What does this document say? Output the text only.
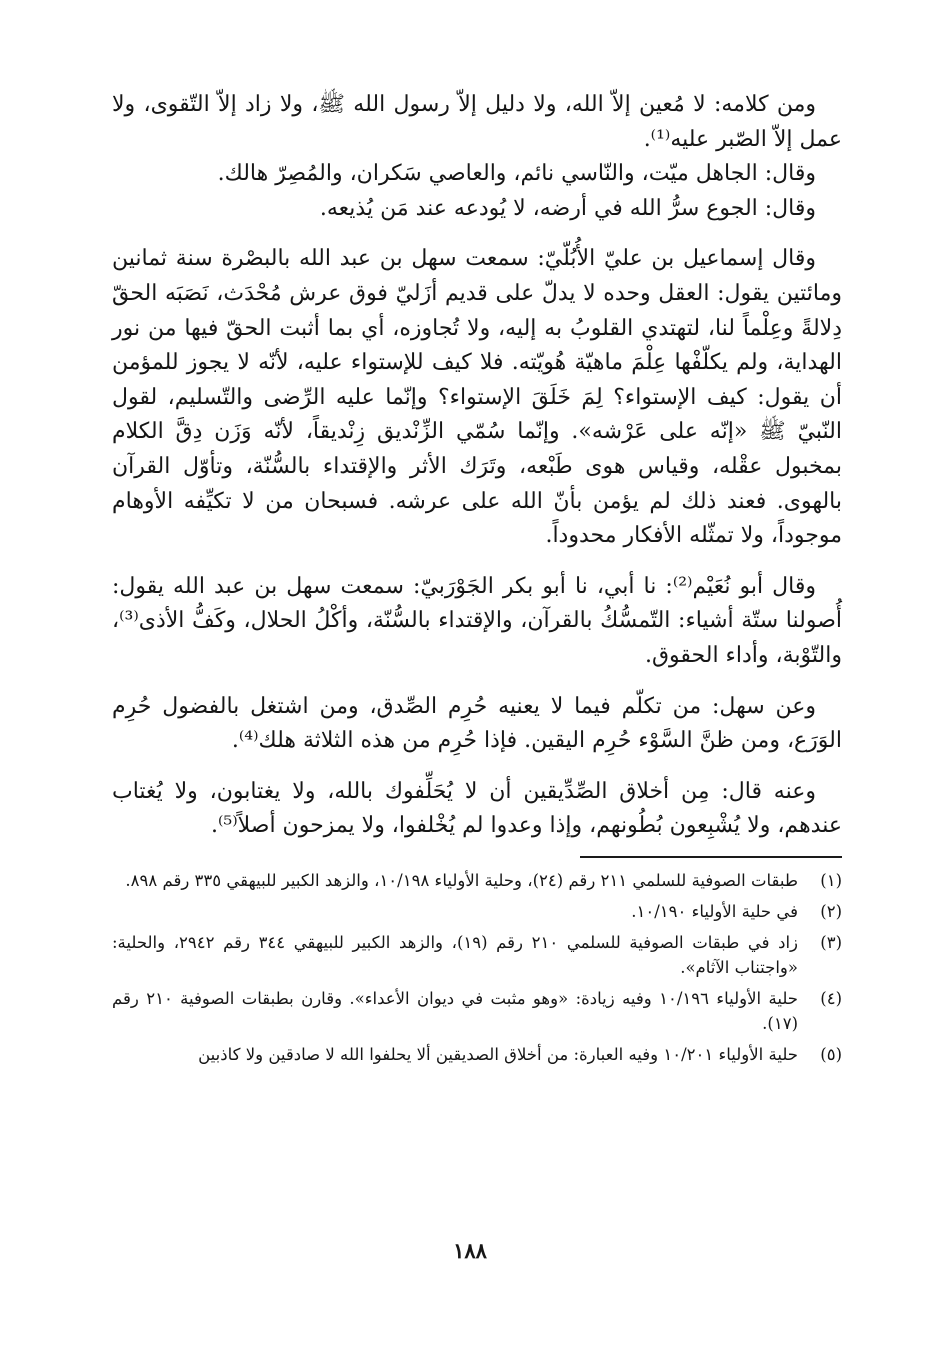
ومن كلامه: لا مُعين إلاّ الله، ولا دليل إلاّ رسول الله ﷺ، ولا زاد إلاّ التّقوى، ولا عمل إلاّ الصّبر عليه⁽¹⁾.

وقال: الجاهل ميّت، والنّاسي نائم، والعاصي سَكران، والمُصِرّ هالك.

وقال: الجوع سرُّ الله في أرضه، لا يُودعه عند مَن يُذيعه.

وقال إسماعيل بن عليّ الأُبُلّيّ: سمعت سهل بن عبد الله بالبصْرة سنة ثمانين ومائتين يقول: العقل وحده لا يدلّ على قديم أزَليّ فوق عرش مُحْدَث، نَصَبَه الحقّ دِلالةً وعِلْماً لنا، لتهتدي القلوبُ به إليه، ولا تُجاوزه، أي بما أثبت الحقّ فيها من نور الهداية، ولم يكلّفْها عِلْمَ ماهيّة هُويّته. فلا كيف للإستواء عليه، لأنّه لا يجوز للمؤمن أن يقول: كيف الإستواء؟ لِمَ خَلَقَ الإستواء؟ وإنّما عليه الرِّضى والتّسليم، لقول النّبيّ ﷺ «إنّه على عَرْشه». وإنّما سُمّي الزِّنْديق زِنْديقاً، لأنّه وَزَن دِقَّ الكلام بمخبول عقْله، وقياس هوى طَبْعه، وتَرَك الأثر والإقتداء بالسُّنّة، وتأوّل القرآن بالهوى. فعند ذلك لم يؤمن بأنّ الله على عرشه. فسبحان من لا تكيِّفه الأوهام موجوداً، ولا تمثّله الأفكار محدوداً.

وقال أبو نُعَيْم⁽²⁾: نا أبي، نا أبو بكر الجَوْرَبيّ: سمعت سهل بن عبد الله يقول: أُصولنا ستّة أشياء: التّمسُّكُ بالقرآن، والإقتداء بالسُّنّة، وأكْلُ الحلال، وكَفُّ الأذى⁽³⁾، والتّوْبة، وأداء الحقوق.

وعن سهل: من تكلّم فيما لا يعنيه حُرِم الصِّدق، ومن اشتغل بالفضول حُرِم الوَرَع، ومن ظنَّ السَّوْء حُرِم اليقين. فإذا حُرِم من هذه الثلاثة هلك⁽⁴⁾.

وعنه قال: مِن أخلاق الصِّدِّيقين أن لا يُحَلِّفوك بالله، ولا يغتابون، ولا يُغتاب عندهم، ولا يُشْبِعون بُطُونهم، وإذا وعدوا لم يُخْلفوا، ولا يمزحون أصلاً⁽⁵⁾.

(١)
طبقات الصوفية للسلمي ٢١١ رقم (٢٤)، وحلية الأولياء ١٠/١٩٨، والزهد الكبير للبيهقي ٣٣٥ رقم ٨٩٨.
(٢)
في حلية الأولياء ١٠/١٩٠.
(٣)
زاد في طبقات الصوفية للسلمي ٢١٠ رقم (١٩)، والزهد الكبير للبيهقي ٣٤٤ رقم ٢٩٤٢، والحلية: «واجتناب الآثام».
(٤)
حلية الأولياء ١٠/١٩٦ وفيه زيادة: «وهو مثبت في ديوان الأعداء». وقارن بطبقات الصوفية ٢١٠ رقم (١٧).
(٥)
حلية الأولياء ١٠/٢٠١ وفيه العبارة: من أخلاق الصديقين ألا يحلفوا الله لا صادقين ولا كاذبين
١٨٨
